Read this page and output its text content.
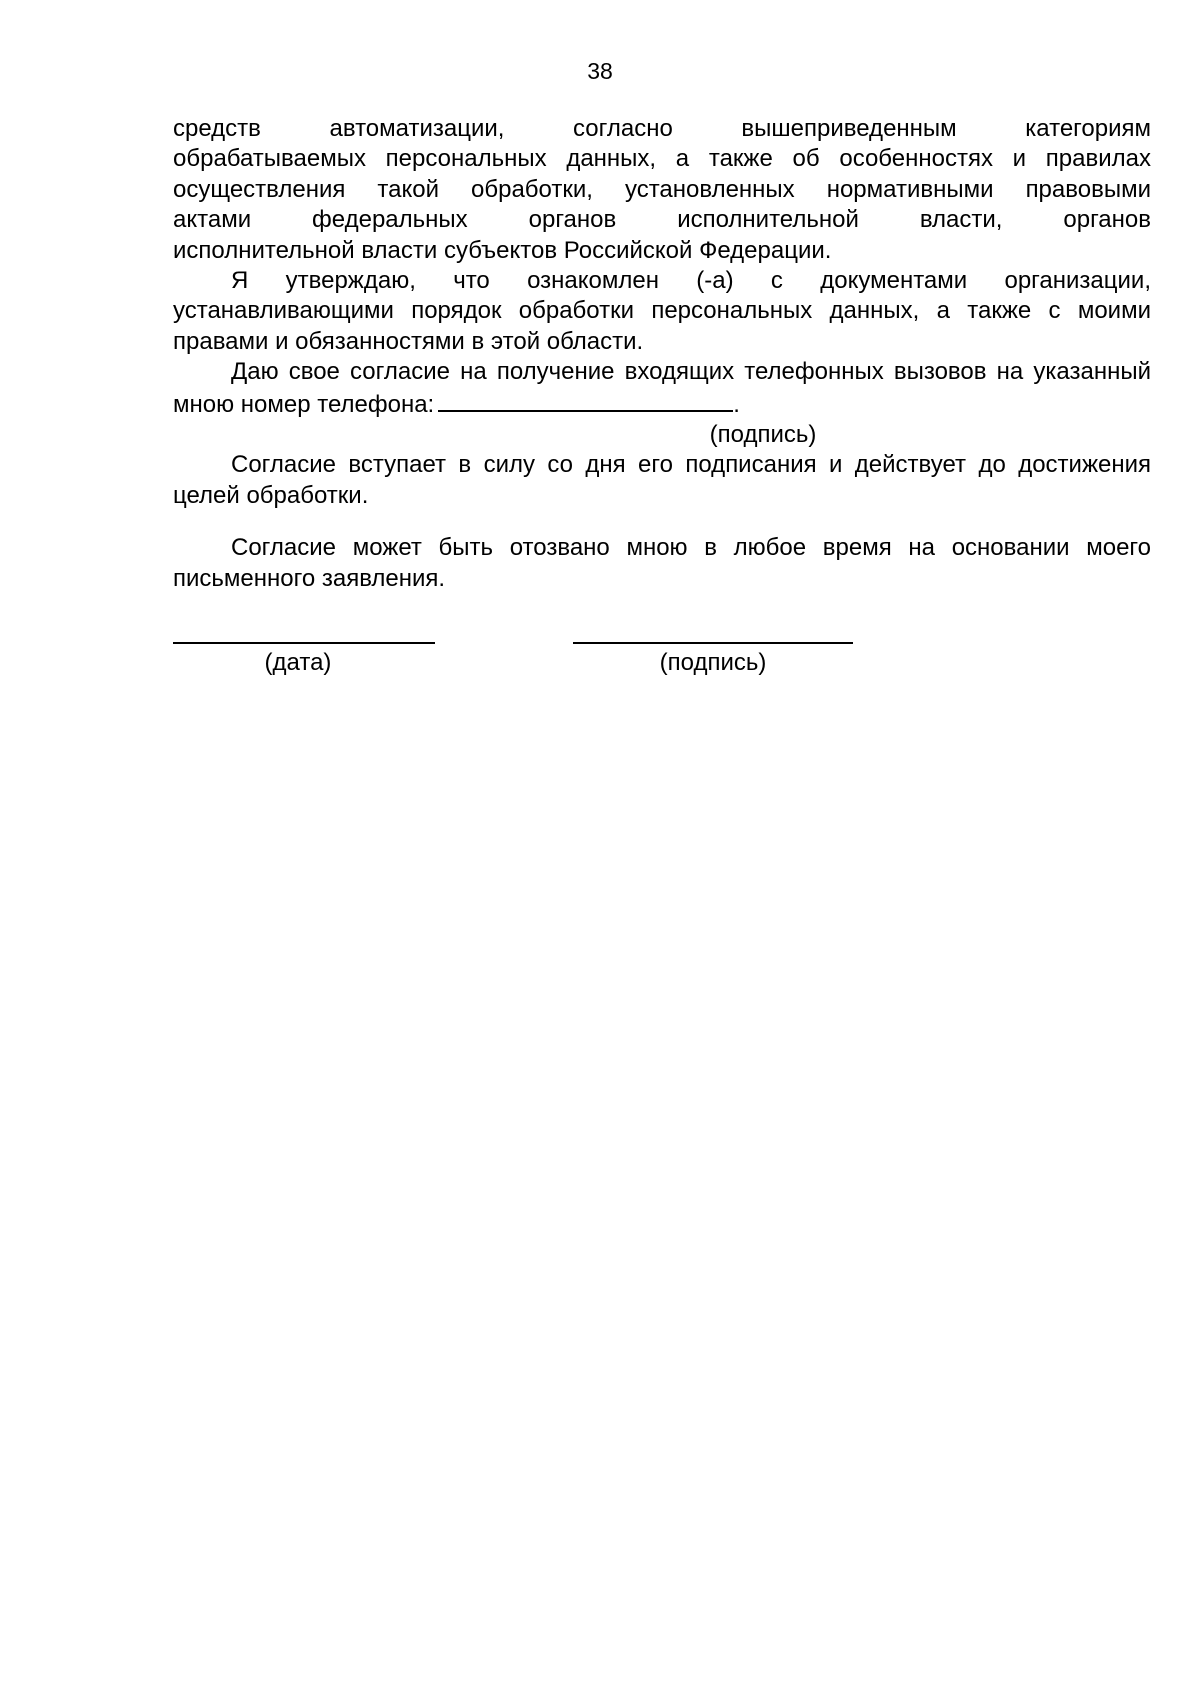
38

средств автоматизации, согласно вышеприведенным категориям
обрабатываемых персональных данных, а также об особенностях и правилах
осуществления такой обработки, установленных нормативными правовыми
актами федеральных органов исполнительной власти, органов
исполнительной власти субъектов Российской Федерации.

Я утверждаю, что ознакомлен (-а) с документами организации, устанавливающими порядок обработки персональных данных, а также с моими правами и обязанностями в этой области.

Даю свое согласие на получение входящих телефонных вызовов на указанный мною номер телефона:	.

(подпись)

Согласие вступает в силу со дня его подписания и действует до достижения целей обработки.

Согласие может быть отозвано мною в любое время на основании моего письменного заявления.

(дата)	(подпись)
